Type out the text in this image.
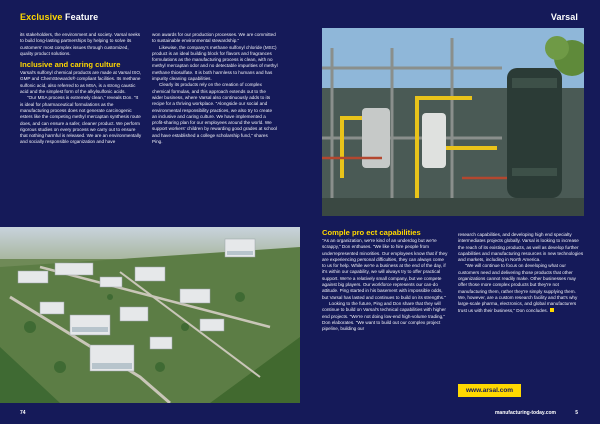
Exclusive Feature

its stakeholders, the environment and society. Varsal seeks to build long-lasting partnerships by helping to solve its customers' most complex issues through customized, quality product solutions.

Inclusive and caring culture

Varsal's sulfonyl chemical products are made at Varsal ISO, GMP and ChemStewards® compliant facilities. Its methane sulfonic acid, also referred to as MSA, is a strong caustic acid and the simplest form of the alkylsulfonic acids.

"Our MSA process is extremely clean," reveals Don. "It is ideal for pharmaceutical formulations as the manufacturing process does not generate carcinogenic esters like the competing methyl mercaptan synthesis route does, and can ensure a safer, cleaner product. We perform rigorous studies on every process we carry out to ensure that nothing harmful is released. We are an environmentally and socially responsible organization and have

won awards for our production processes. We are committed to sustainable environmental stewardship."

Likewise, the company's methane sulfonyl chloride (MSC) product is an ideal building block for flavors and fragrances formulations as the manufacturing process is clean, with no methyl mercaptan odor and no detectable impurities of methyl methane thiosulfate. It is both harmless to humans and has impurity cleaning capabilities.

Clearly its products rely on the creation of complex chemical formulas, and this approach extends out to the wider business, where Varsal also continuously adds to its recipe for a thriving workplace. "Alongside our social and environmental responsibility practices, we also try to create an inclusive and caring culture. We have implemented a profit-sharing plan for our employees around the world. We support workers' children by rewarding good grades at school and have established a college scholarship fund," shares Ping.

74
Varsal
Comple pro ect capabilities

"As an organization, we're kind of an underdog but we're scrappy," Don enthuses. "We like to hire people from underrepresented minorities. Our employees know that if they are experiencing personal difficulties, they can always come to us for help. While we're a business at the end of the day, if it's within our capability, we will always try to offer practical support. We're a relatively small company, but we compete against big players. Our workforce represents our can-do attitude. Ping started in his basement with impossible odds, but Varsal has lasted and continues to build on its strengths."

Looking to the future, Ping and Don share that they will continue to build on Varsal's technical capabilities with higher end projects. "We're not doing low-end high-volume trading," Don elaborates. "We want to build out our complex project pipeline, building our

research capabilities, and developing high end specialty intermediates projects globally. Varsal is looking to increase the reach of its existing products, as well as develop further capabilities and manufacturing resources in new technologies and markets, including in North America.

"We will continue to focus on developing what our customers need and delivering those products that other organizations cannot readily make. Other businesses may offer those more complex products but they're not manufacturing them, rather they're simply supplying them. We, however, are a custom research facility and that's why large-scale pharma, electronics, and global manufacturers trust us with their business," Don concludes.

www.arsal.com
manufacturing-today.com	5
